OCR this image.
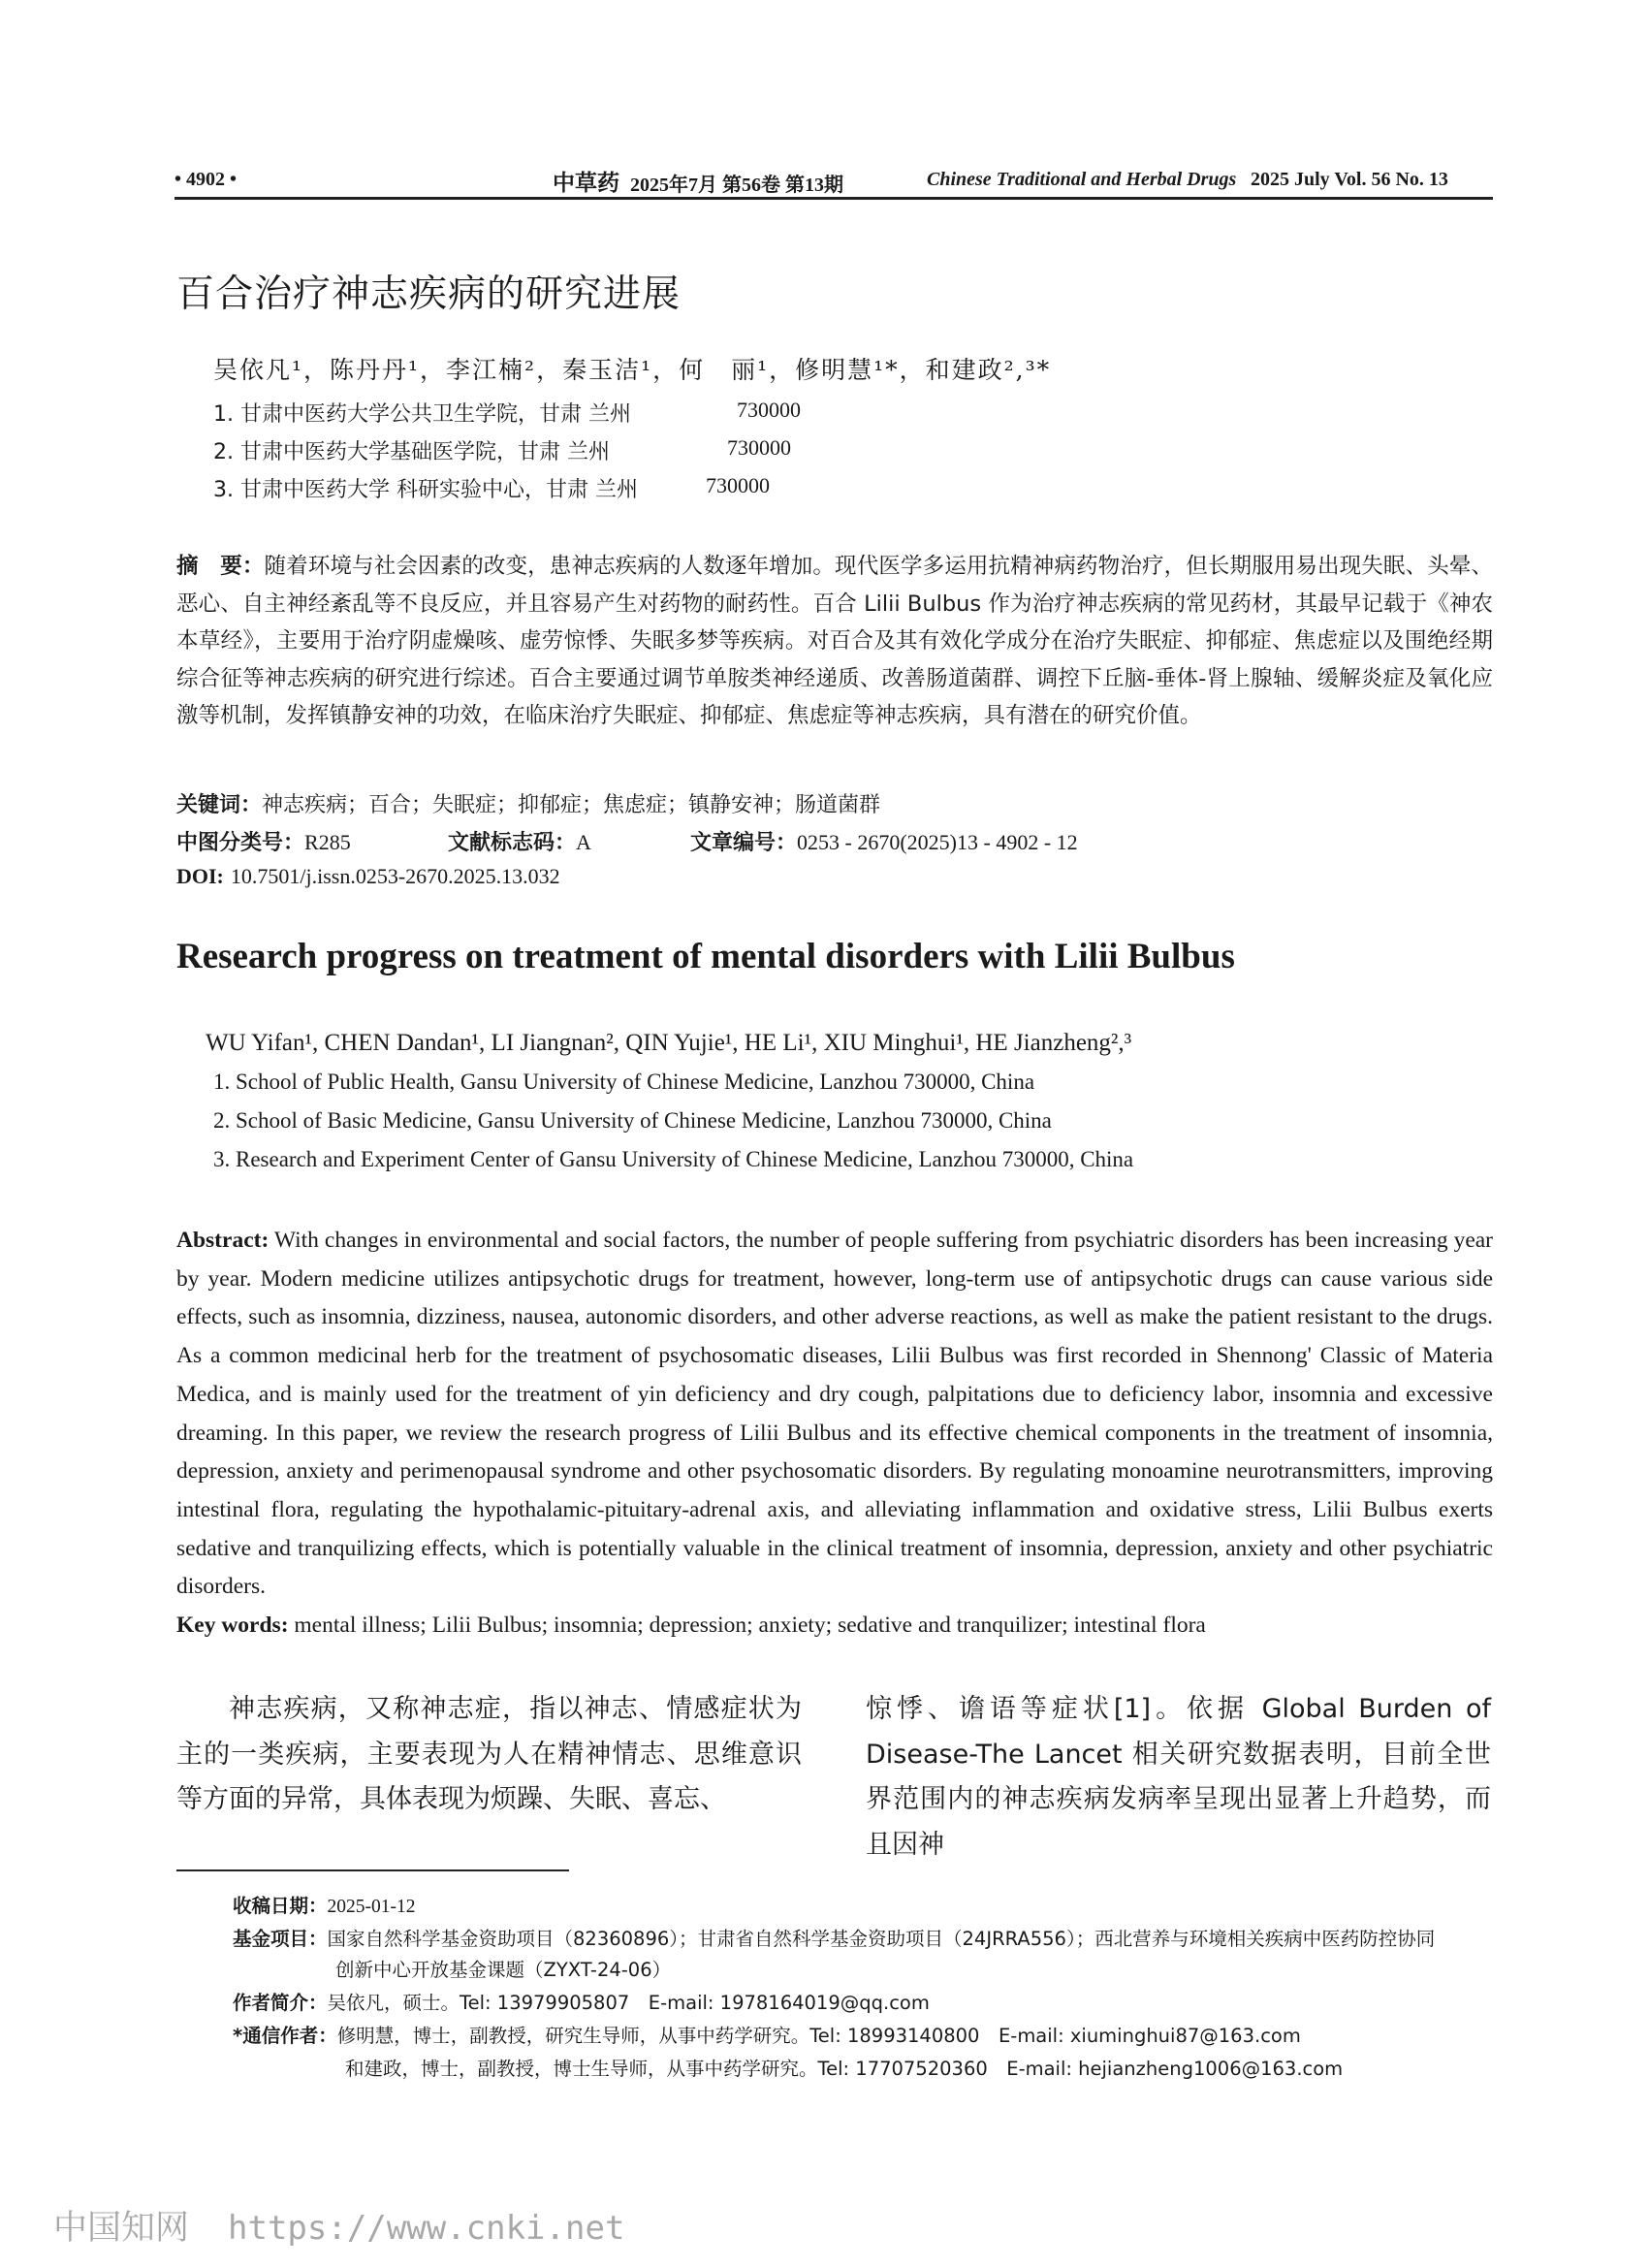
• 4902 •	中草药 2025年7月 第56卷 第13期	Chinese Traditional and Herbal Drugs 2025 July Vol. 56 No. 13
百合治疗神志疾病的研究进展
吴依凡¹，陈丹丹¹，李江楠²，秦玉洁¹，何　丽¹，修明慧¹*，和建政²,³*
1. 甘肃中医药大学公共卫生学院，甘肃 兰州	730000
2. 甘肃中医药大学基础医学院，甘肃 兰州	730000
3. 甘肃中医药大学 科研实验中心，甘肃 兰州	730000
摘　要：随着环境与社会因素的改变，患神志疾病的人数逐年增加。现代医学多运用抗精神病药物治疗，但长期服用易出现失眠、头晕、恶心、自主神经紊乱等不良反应，并且容易产生对药物的耐药性。百合 Lilii Bulbus 作为治疗神志疾病的常见药材，其最早记载于《神农本草经》，主要用于治疗阴虚燥咳、虚劳惊悸、失眠多梦等疾病。对百合及其有效化学成分在治疗失眠症、抑郁症、焦虑症以及围绝经期综合征等神志疾病的研究进行综述。百合主要通过调节单胺类神经递质、改善肠道菌群、调控下丘脑-垂体-肾上腺轴、缓解炎症及氧化应激等机制，发挥镇静安神的功效，在临床治疗失眠症、抑郁症、焦虑症等神志疾病，具有潜在的研究价值。
关键词：神志疾病；百合；失眠症；抑郁症；焦虑症；镇静安神；肠道菌群
中图分类号：R285	文献标志码：A	文章编号：0253 - 2670(2025)13 - 4902 - 12
DOI: 10.7501/j.issn.0253-2670.2025.13.032
Research progress on treatment of mental disorders with Lilii Bulbus
WU Yifan¹, CHEN Dandan¹, LI Jiangnan², QIN Yujie¹, HE Li¹, XIU Minghui¹, HE Jianzheng²,³
1. School of Public Health, Gansu University of Chinese Medicine, Lanzhou 730000, China
2. School of Basic Medicine, Gansu University of Chinese Medicine, Lanzhou 730000, China
3. Research and Experiment Center of Gansu University of Chinese Medicine, Lanzhou 730000, China
Abstract: With changes in environmental and social factors, the number of people suffering from psychiatric disorders has been increasing year by year. Modern medicine utilizes antipsychotic drugs for treatment, however, long-term use of antipsychotic drugs can cause various side effects, such as insomnia, dizziness, nausea, autonomic disorders, and other adverse reactions, as well as make the patient resistant to the drugs. As a common medicinal herb for the treatment of psychosomatic diseases, Lilii Bulbus was first recorded in Shennong' Classic of Materia Medica, and is mainly used for the treatment of yin deficiency and dry cough, palpitations due to deficiency labor, insomnia and excessive dreaming. In this paper, we review the research progress of Lilii Bulbus and its effective chemical components in the treatment of insomnia, depression, anxiety and perimenopausal syndrome and other psychosomatic disorders. By regulating monoamine neurotransmitters, improving intestinal flora, regulating the hypothalamic-pituitary-adrenal axis, and alleviating inflammation and oxidative stress, Lilii Bulbus exerts sedative and tranquilizing effects, which is potentially valuable in the clinical treatment of insomnia, depression, anxiety and other psychiatric disorders.
Key words: mental illness; Lilii Bulbus; insomnia; depression; anxiety; sedative and tranquilizer; intestinal flora
神志疾病，又称神志症，指以神志、情感症状为主的一类疾病，主要表现为人在精神情志、思维意识等方面的异常，具体表现为烦躁、失眠、喜忘、
惊悸、谵语等症状[1]。依据 Global Burden of Disease-The Lancet 相关研究数据表明，目前全世界范围内的神志疾病发病率呈现出显著上升趋势，而且因神
收稿日期：2025-01-12
基金项目：国家自然科学基金资助项目（82360896）；甘肃省自然科学基金资助项目（24JRRA556）；西北营养与环境相关疾病中医药防控协同
创新中心开放基金课题（ZYXT-24-06）
作者简介：吴依凡，硕士。Tel: 13979905807　E-mail: 1978164019@qq.com
*通信作者：修明慧，博士，副教授，研究生导师，从事中药学研究。Tel: 18993140800　E-mail: xiuminghui87@163.com
和建政，博士，副教授，博士生导师，从事中药学研究。Tel: 17707520360　E-mail: hejianzheng1006@163.com
中国知网 https://www.cnki.net
